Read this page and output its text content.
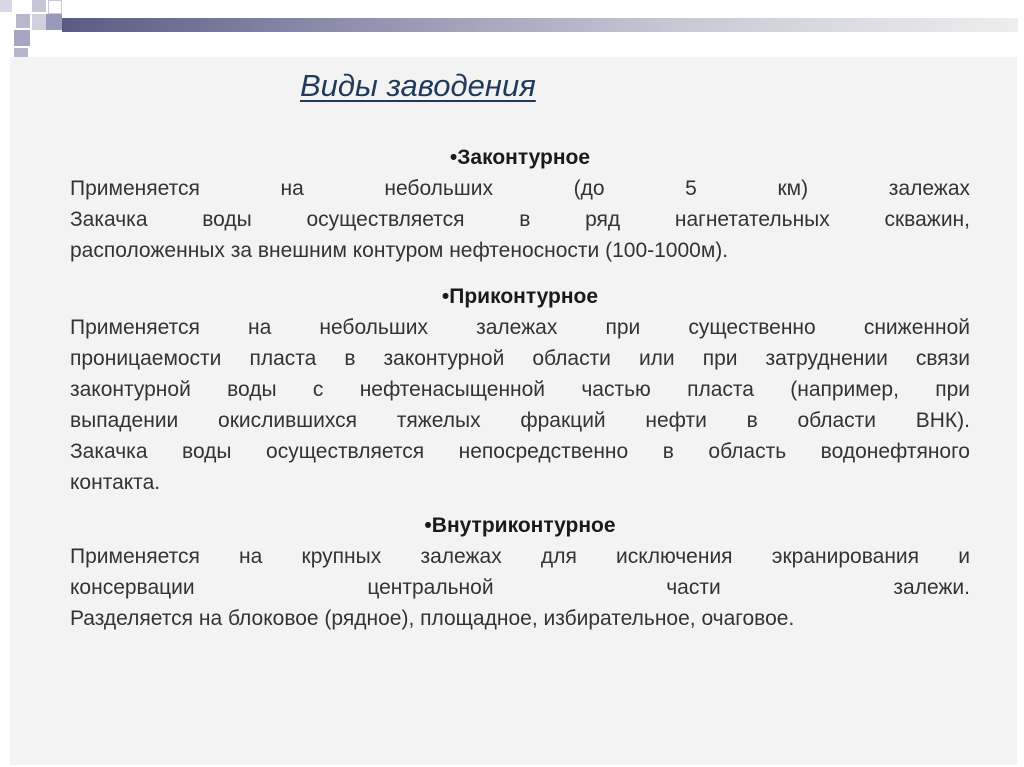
Виды заводения
•Законтурное
Применяется на небольших (до 5 км) залежах
Закачка воды осуществляется в ряд нагнетательных скважин,
расположенных за внешним контуром нефтеносности (100-1000м).
•Приконтурное
Применяется на небольших залежах при существенно сниженной
проницаемости пласта в законтурной области или при затруднении связи
законтурной воды с нефтенасыщенной частью пласта (например, при
выпадении окислившихся тяжелых фракций нефти в области ВНК).
Закачка воды осуществляется непосредственно в область водонефтяного
контакта.
•Внутриконтурное
Применяется на крупных залежах для исключения экранирования и
консервации центральной части залежи.
Разделяется на блоковое (рядное), площадное, избирательное, очаговое.
